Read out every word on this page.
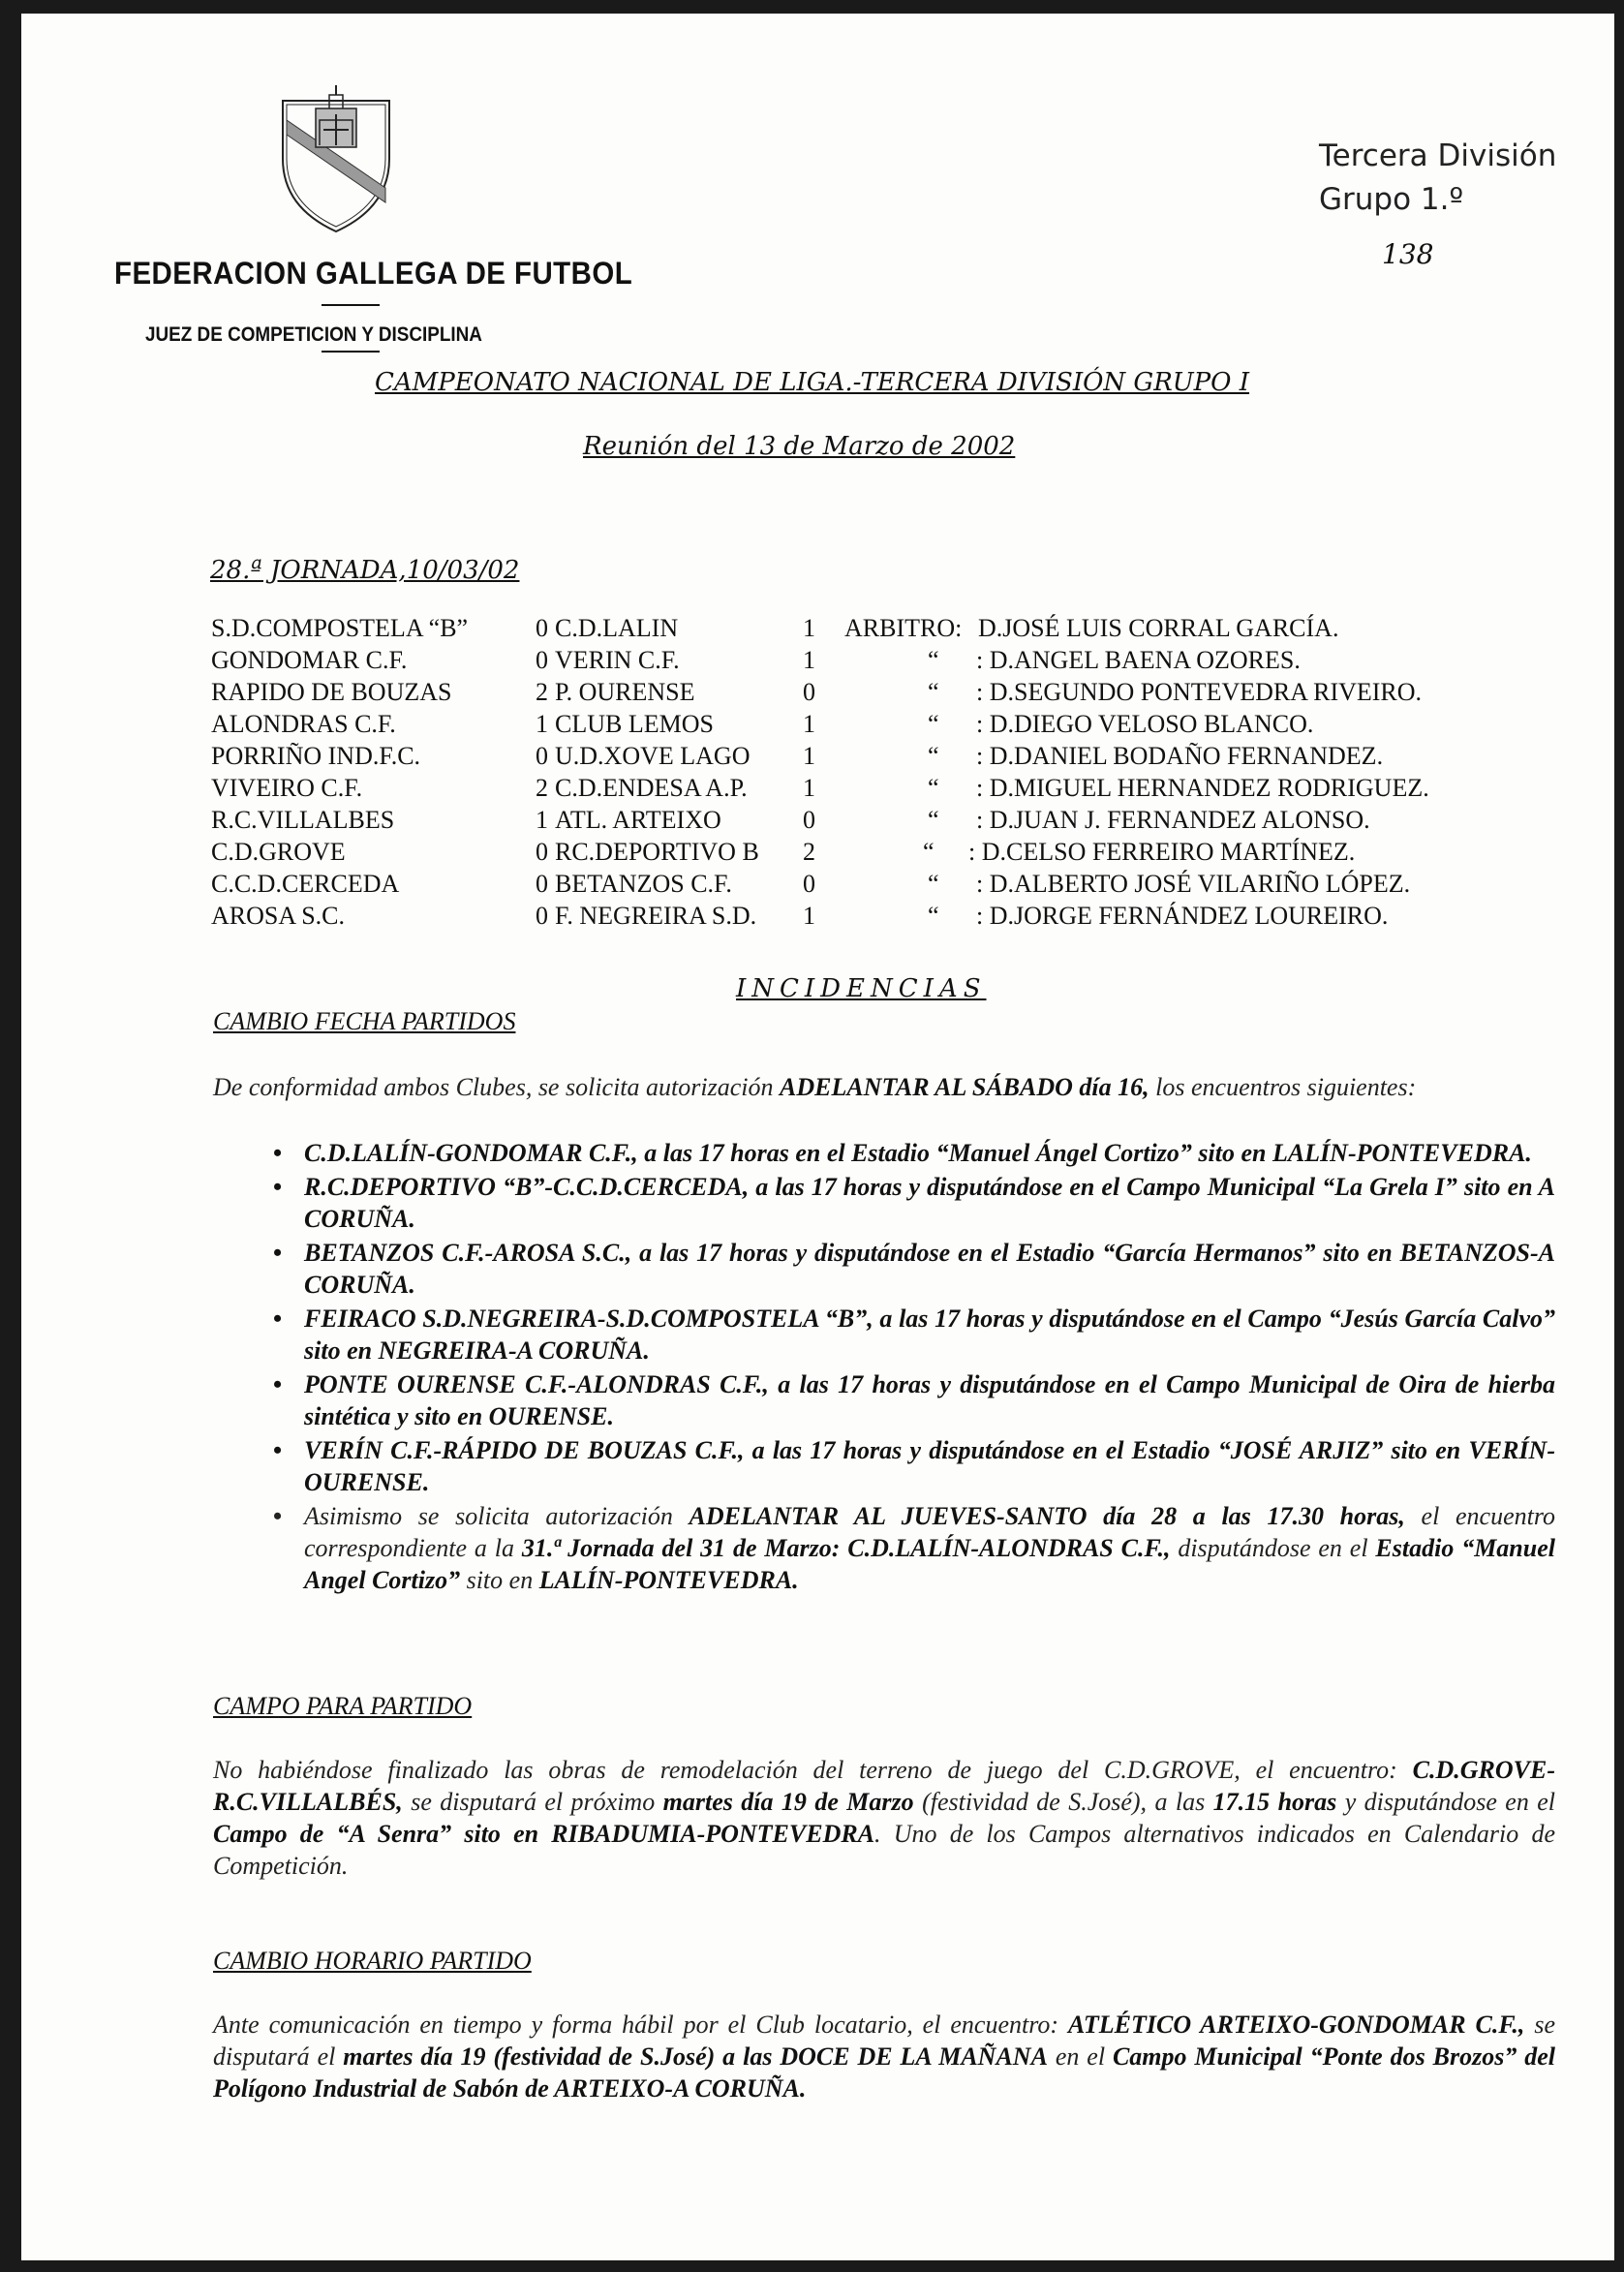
FEDERACION GALLEGA DE FUTBOL
JUEZ DE COMPETICION Y DISCIPLINA
Tercera División
Grupo 1.º
138
CAMPEONATO NACIONAL DE LIGA.-TERCERA DIVISIÓN GRUPO I
Reunión del 13 de Marzo de 2002
28.ª JORNADA,10/03/02
S.D.COMPOSTELA “B”	0 C.D.LALIN	1 ARBITRO: D.JOSÉ LUIS CORRAL GARCÍA.
GONDOMAR C.F.	0 VERIN C.F.	1	“ : D.ANGEL BAENA OZORES.
RAPIDO DE BOUZAS	2 P. OURENSE	0	“ : D.SEGUNDO PONTEVEDRA RIVEIRO.
ALONDRAS C.F.	1 CLUB LEMOS	1	“ : D.DIEGO VELOSO BLANCO.
PORRIÑO IND.F.C.	0 U.D.XOVE LAGO 1	“ : D.DANIEL BODAÑO FERNANDEZ.
VIVEIRO C.F.	2 C.D.ENDESA A.P. 1	“ : D.MIGUEL HERNANDEZ RODRIGUEZ.
R.C.VILLALBES	1 ATL. ARTEIXO	0	“ : D.JUAN J. FERNANDEZ ALONSO.
C.D.GROVE	0 RC.DEPORTIVO B 2	“ : D.CELSO FERREIRO MARTÍNEZ.
C.C.D.CERCEDA	0 BETANZOS C.F.	0	“ : D.ALBERTO JOSÉ VILARIÑO LÓPEZ.
AROSA S.C.	0 F. NEGREIRA S.D. 1	“ : D.JORGE FERNÁNDEZ LOUREIRO.
INCIDENCIAS
CAMBIO FECHA PARTIDOS
De conformidad ambos Clubes, se solicita autorización ADELANTAR AL SÁBADO día 16, los encuentros siguientes:
• C.D.LALÍN-GONDOMAR C.F., a las 17 horas en el Estadio “Manuel Ángel Cortizo” sito en LALÍN-PONTEVEDRA.
• R.C.DEPORTIVO “B”-C.C.D.CERCEDA, a las 17 horas y disputándose en el Campo Municipal “La Grela I” sito en A CORUÑA.
• BETANZOS C.F.-AROSA S.C., a las 17 horas y disputándose en el Estadio “García Hermanos” sito en BETANZOS-A CORUÑA.
• FEIRACO S.D.NEGREIRA-S.D.COMPOSTELA “B”, a las 17 horas y disputándose en el Campo “Jesús García Calvo” sito en NEGREIRA-A CORUÑA.
• PONTE OURENSE C.F.-ALONDRAS C.F., a las 17 horas y disputándose en el Campo Municipal de Oira de hierba sintética y sito en OURENSE.
• VERÍN C.F.-RÁPIDO DE BOUZAS C.F., a las 17 horas y disputándose en el Estadio “JOSÉ ARJIZ” sito en VERÍN-OURENSE.
• Asimismo se solicita autorización ADELANTAR AL JUEVES-SANTO día 28 a las 17.30 horas, el encuentro correspondiente a la 31.ª Jornada del 31 de Marzo: C.D.LALÍN-ALONDRAS C.F., disputándose en el Estadio “Manuel Angel Cortizo” sito en LALÍN-PONTEVEDRA.
CAMPO PARA PARTIDO
No habiéndose finalizado las obras de remodelación del terreno de juego del C.D.GROVE, el encuentro: C.D.GROVE-R.C.VILLALBÉS, se disputará el próximo martes día 19 de Marzo (festividad de S.José), a las 17.15 horas y disputándose en el Campo de “A Senra” sito en RIBADUMIA-PONTEVEDRA. Uno de los Campos alternativos indicados en Calendario de Competición.
CAMBIO HORARIO PARTIDO
Ante comunicación en tiempo y forma hábil por el Club locatario, el encuentro: ATLÉTICO ARTEIXO-GONDOMAR C.F., se disputará el martes día 19 (festividad de S.José) a las DOCE DE LA MAÑANA en el Campo Municipal “Ponte dos Brozos” del Polígono Industrial de Sabón de ARTEIXO-A CORUÑA.
